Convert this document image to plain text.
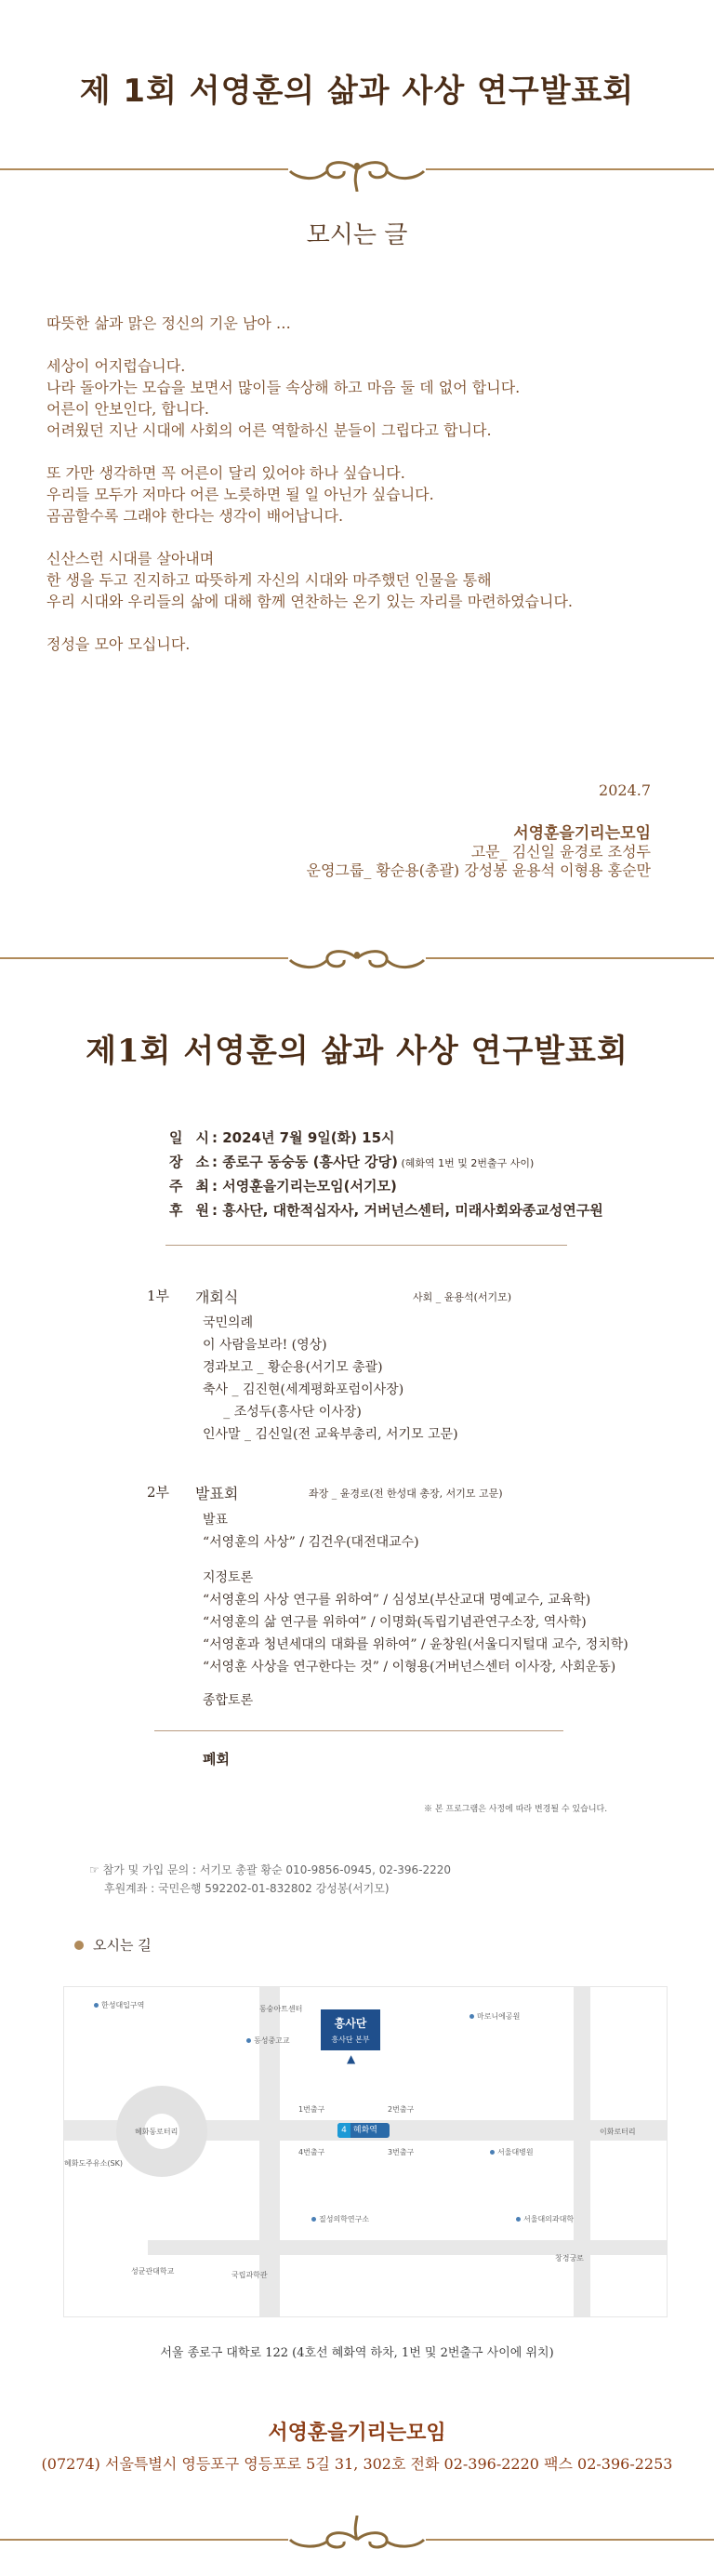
제 1회 서영훈의 삶과 사상 연구발표회
모시는 글

따뜻한 삶과 맑은 정신의 기운 남아 …

세상이 어지럽습니다.
나라 돌아가는 모습을 보면서 많이들 속상해 하고 마음 둘 데 없어 합니다.
어른이 안보인다, 합니다.
어려웠던 지난 시대에 사회의 어른 역할하신 분들이 그립다고 합니다.

또 가만 생각하면 꼭 어른이 달리 있어야 하나 싶습니다.
우리들 모두가 저마다 어른 노릇하면 될 일 아닌가 싶습니다.
곰곰할수록 그래야 한다는 생각이 배어납니다.

신산스런 시대를 살아내며
한 생을 두고 진지하고 따뜻하게 자신의 시대와 마주했던 인물을 통해
우리 시대와 우리들의 삶에 대해 함께 연찬하는 온기 있는 자리를 마련하였습니다.

정성을 모아 모십니다.

2024.7
서영훈을기리는모임
고문_ 김신일 윤경로 조성두
운영그룹_ 황순용(총괄) 강성봉 윤용석 이형용 홍순만
제1회 서영훈의 삶과 사상 연구발표회
일시: 2024년 7월 9일(화) 15시
장소: 종로구 동숭동 (흥사단 강당) (혜화역 1번 및 2번출구 사이)
주최: 서영훈을기리는모임(서기모)
후원: 흥사단, 대한적십자사, 거버넌스센터, 미래사회와종교성연구원
1부 개회식	사회 _ 윤용석(서기모)
국민의례
이 사람을보라! (영상)
경과보고 _ 황순용(서기모 총괄)
축사 _ 김진현(세계평화포럼이사장)
_ 조성두(흥사단 이사장)
인사말 _ 김신일(전 교육부총리, 서기모 고문)
2부 발표회	좌장 _ 윤경로(전 한성대 총장, 서기모 고문)
발표
“서영훈의 사상” / 김건우(대전대교수)
지정토론
“서영훈의 사상 연구를 위하여” / 심성보(부산교대 명예교수, 교육학)
“서영훈의 삶 연구를 위하여” / 이명화(독립기념관연구소장, 역사학)
“서영훈과 청년세대의 대화를 위하여” / 윤창원(서울디지털대 교수, 정치학)
“서영훈 사상을 연구한다는 것” / 이형용(거버넌스센터 이사장, 사회운동)
종합토론
폐회
※ 본 프로그램은 사정에 따라 변경될 수 있습니다.
☞ 참가 및 가입 문의 : 서기모 총괄 황순 010-9856-0945, 02-396-2220
후원계좌 : 국민은행 592202-01-832802 강성봉(서기모)
오시는 길
흥사단
흥사단 본부
▲
4 혜화역
한성대입구역	동숭아트센터
동성중고교
마로니에공원
혜화동로터리
혜화도주유소(SK)
1번출구	2번출구
4번출구	3번출구
이화로터리
서울대병원
질성의학연구소	서울대의과대학
창경궁로
성균관대학교	국립과학관
서울 종로구 대학로 122 (4호선 혜화역 하차, 1번 및 2번출구 사이에 위치)
서영훈을기리는모임
(07274) 서울특별시 영등포구 영등포로 5길 31, 302호 전화 02-396-2220 팩스 02-396-2253
